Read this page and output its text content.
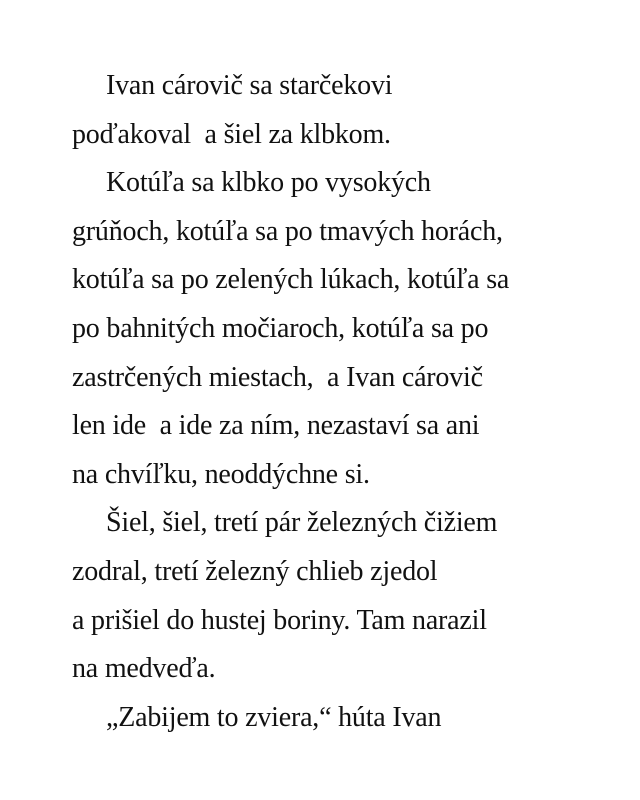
Ivan cárovič sa starčekovi
poďakoval  a šiel za klbkom.
Kotúľa sa klbko po vysokých
grúňoch, kotúľa sa po tmavých horách,
kotúľa sa po zelených lúkach, kotúľa sa
po bahnitých močiaroch, kotúľa sa po
zastrčených miestach,  a Ivan cárovič
len ide  a ide za ním, nezastaví sa ani
na chvíľku, neoddýchne si.
Šiel, šiel, tretí pár železných čižiem
zodral, tretí železný chlieb zjedol
a prišiel do hustej boriny. Tam narazil
na medveďa.
„Zabijem to zviera,“ húta Ivan
